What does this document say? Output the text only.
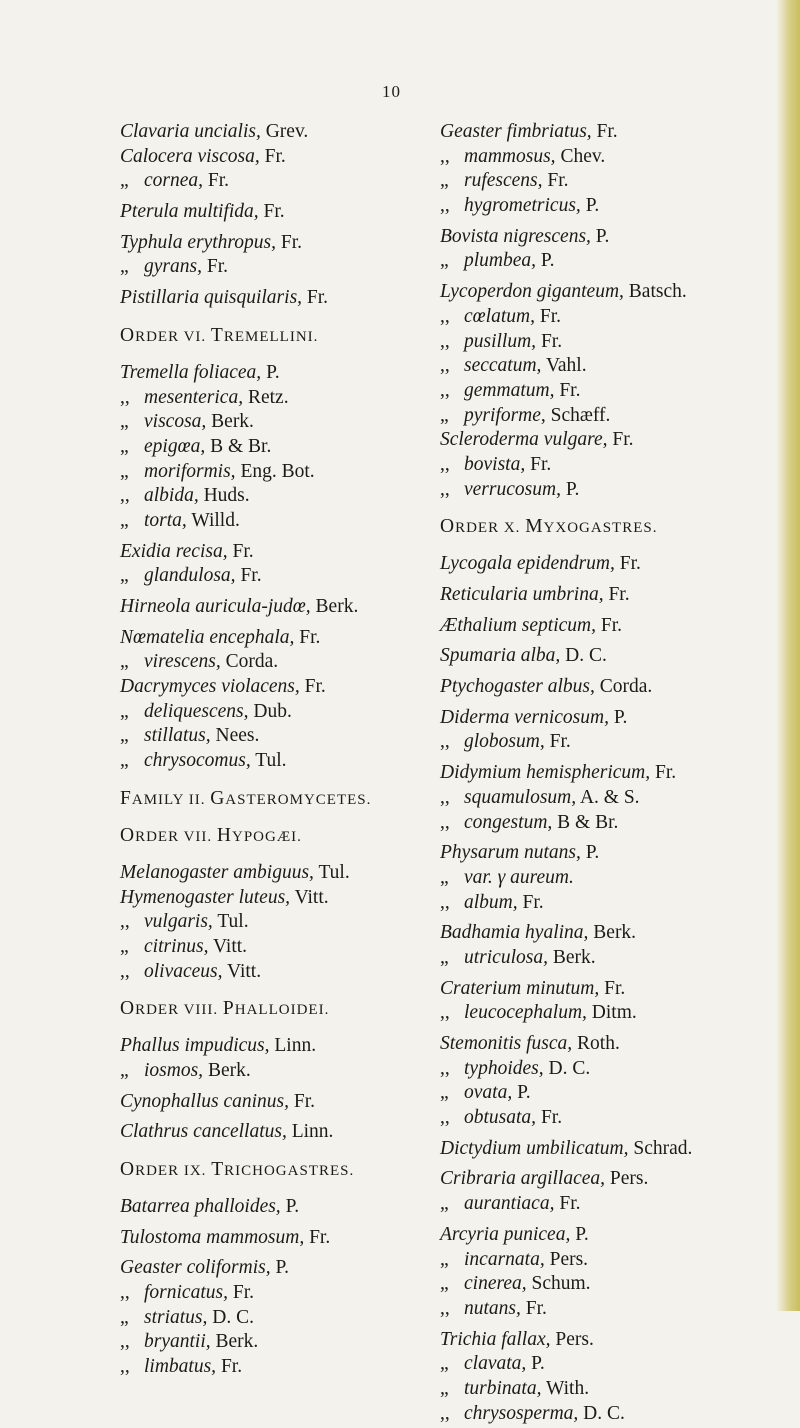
10
Clavaria uncialis, Grev.
Calocera viscosa, Fr.
„ cornea, Fr.
Pterula multifida, Fr.
Typhula erythropus, Fr.
„ gyrans, Fr.
Pistillaria quisquilaris, Fr.
ORDER VI. TREMELLINI.
Tremella foliacea, P.
,, mesenterica, Retz.
„ viscosa, Berk.
„ epigœa, B & Br.
„ moriformis, Eng. Bot.
,, albida, Huds.
„ torta, Willd.
Exidia recisa, Fr.
„ glandulosa, Fr.
Hirneola auricula-judœ, Berk.
Nœmatelia encephala, Fr.
„ virescens, Corda.
Dacrymyces violacens, Fr.
„ deliquescens, Dub.
„ stillatus, Nees.
„ chrysocomus, Tul.
FAMILY II. GASTEROMYCETES.
ORDER VII. HYPOGÆI.
Melanogaster ambiguus, Tul.
Hymenogaster luteus, Vitt.
,, vulgaris, Tul.
„ citrinus, Vitt.
,, olivaceus, Vitt.
ORDER VIII. PHALLOIDEI.
Phallus impudicus, Linn.
„ iosmos, Berk.
Cynophallus caninus, Fr.
Clathrus cancellatus, Linn.
ORDER IX. TRICHOGASTRES.
Batarrea phalloides, P.
Tulostoma mammosum, Fr.
Geaster coliformis, P.
,, fornicatus, Fr.
„ striatus, D. C.
,, bryantii, Berk.
,, limbatus, Fr.
Geaster fimbriatus, Fr.
,, mammosus, Chev.
„ rufescens, Fr.
,, hygrometricus, P.
Bovista nigrescens, P.
„ plumbea, P.
Lycoperdon giganteum, Batsch.
,, cœlatum, Fr.
,, pusillum, Fr.
,, seccatum, Vahl.
,, gemmatum, Fr.
„ pyriforme, Schæff.
Scleroderma vulgare, Fr.
,, bovista, Fr.
,, verrucosum, P.
ORDER X. MYXOGASTRES.
Lycogala epidendrum, Fr.
Reticularia umbrina, Fr.
Æthalium septicum, Fr.
Spumaria alba, D. C.
Ptychogaster albus, Corda.
Diderma vernicosum, P.
,, globosum, Fr.
Didymium hemisphericum, Fr.
,, squamulosum, A. & S.
,, congestum, B & Br.
Physarum nutans, P.
„ var. γ aureum.
,, album, Fr.
Badhamia hyalina, Berk.
„ utriculosa, Berk.
Craterium minutum, Fr.
,, leucocephalum, Ditm.
Stemonitis fusca, Roth.
,, typhoides, D. C.
„ ovata, P.
,, obtusata, Fr.
Dictydium umbilicatum, Schrad.
Cribraria argillacea, Pers.
„ aurantiaca, Fr.
Arcyria punicea, P.
„ incarnata, Pers.
„ cinerea, Schum.
,, nutans, Fr.
Trichia fallax, Pers.
„ clavata, P.
„ turbinata, With.
,, chrysosperma, D. C.
